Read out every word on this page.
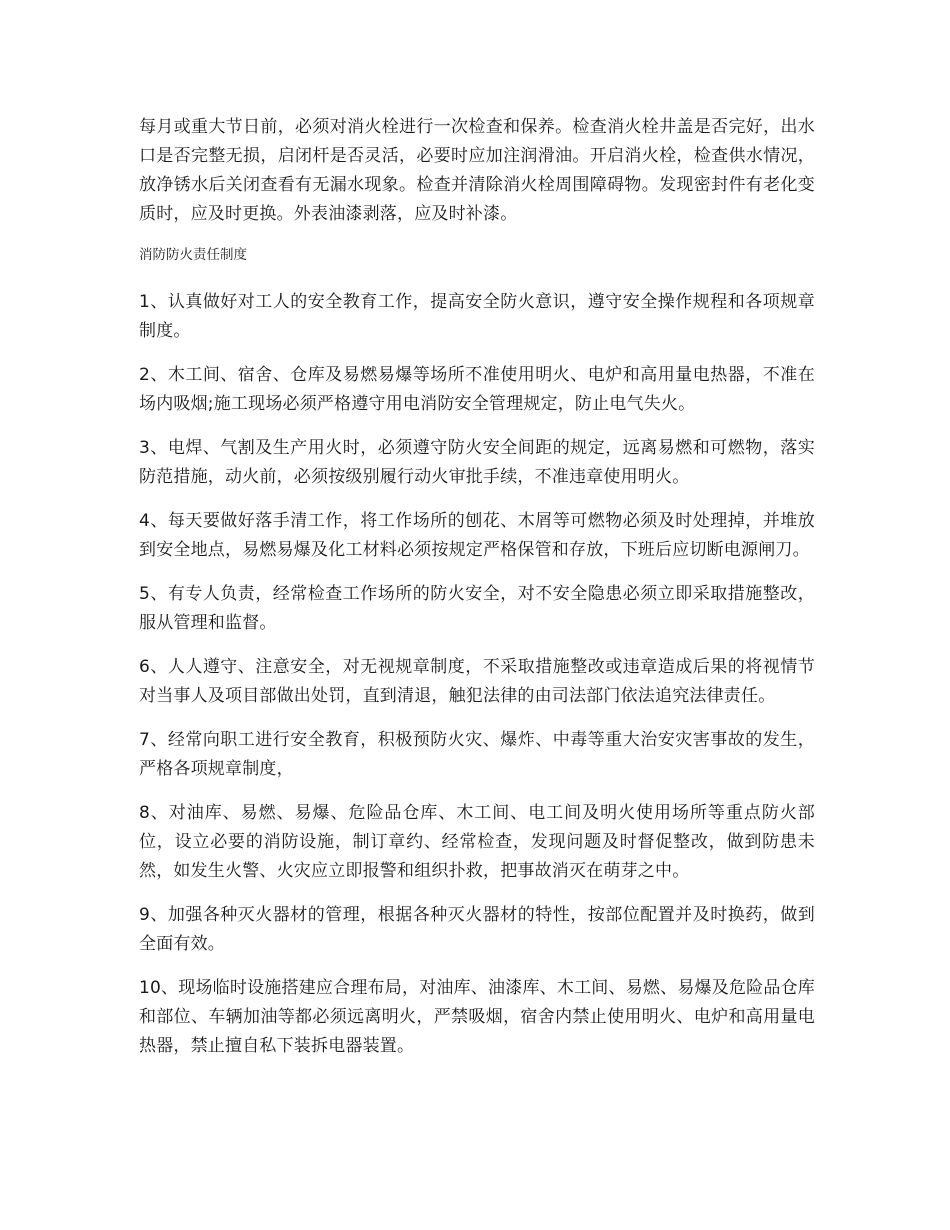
每月或重大节日前，必须对消火栓进行一次检查和保养。检查消火栓井盖是否完好，出水口是否完整无损，启闭杆是否灵活，必要时应加注润滑油。开启消火栓，检查供水情况，放净锈水后关闭查看有无漏水现象。检查并清除消火栓周围障碍物。发现密封件有老化变质时，应及时更换。外表油漆剥落，应及时补漆。

消防防火责任制度

1、认真做好对工人的安全教育工作，提高安全防火意识，遵守安全操作规程和各项规章制度。

2、木工间、宿舍、仓库及易燃易爆等场所不准使用明火、电炉和高用量电热器，不准在场内吸烟;施工现场必须严格遵守用电消防安全管理规定，防止电气失火。

3、电焊、气割及生产用火时，必须遵守防火安全间距的规定，远离易燃和可燃物，落实防范措施，动火前，必须按级别履行动火审批手续，不准违章使用明火。

4、每天要做好落手清工作，将工作场所的刨花、木屑等可燃物必须及时处理掉，并堆放到安全地点，易燃易爆及化工材料必须按规定严格保管和存放，下班后应切断电源闸刀。

5、有专人负责，经常检查工作场所的防火安全，对不安全隐患必须立即采取措施整改，服从管理和监督。

6、人人遵守、注意安全，对无视规章制度，不采取措施整改或违章造成后果的将视情节对当事人及项目部做出处罚，直到清退，触犯法律的由司法部门依法追究法律责任。

7、经常向职工进行安全教育，积极预防火灾、爆炸、中毒等重大治安灾害事故的发生，严格各项规章制度，

8、对油库、易燃、易爆、危险品仓库、木工间、电工间及明火使用场所等重点防火部位，设立必要的消防设施，制订章约、经常检查，发现问题及时督促整改，做到防患未然，如发生火警、火灾应立即报警和组织扑救，把事故消灭在萌芽之中。

9、加强各种灭火器材的管理，根据各种灭火器材的特性，按部位配置并及时换药，做到全面有效。

10、现场临时设施搭建应合理布局，对油库、油漆库、木工间、易燃、易爆及危险品仓库和部位、车辆加油等都必须远离明火，严禁吸烟，宿舍内禁止使用明火、电炉和高用量电热器，禁止擅自私下装拆电器装置。
